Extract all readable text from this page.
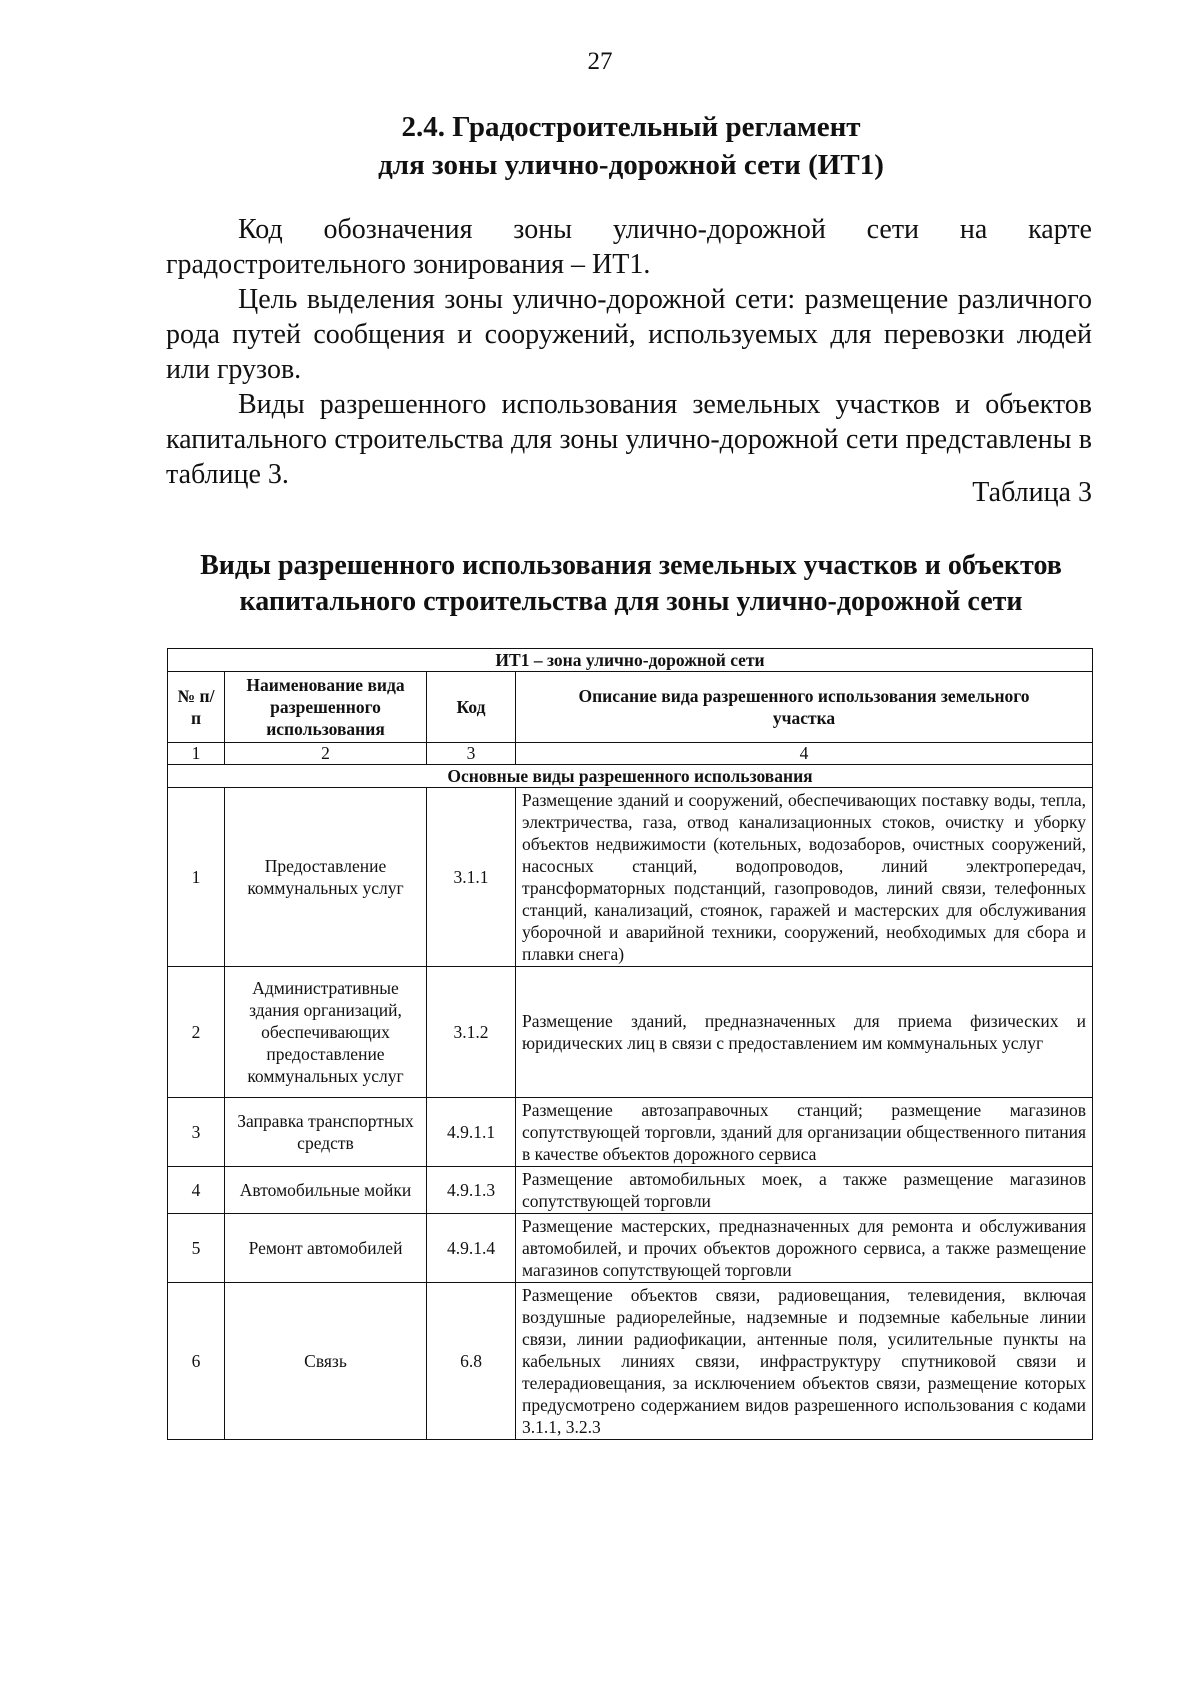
27
2.4. Градостроительный регламент
для зоны улично-дорожной сети (ИТ1)

Код обозначения зоны улично-дорожной сети на карте градостроительного зонирования – ИТ1.

Цель выделения зоны улично-дорожной сети: размещение различного рода путей сообщения и сооружений, используемых для перевозки людей или грузов.

Виды разрешенного использования земельных участков и объектов капитального строительства для зоны улично-дорожной сети представлены в таблице 3.

Таблица 3
Виды разрешенного использования земельных участков и объектов
капитального строительства для зоны улично-дорожной сети
ИТ1 – зона улично-дорожной сети			
№ п/п	Наименование вида разрешенного использования	Код	Описание вида разрешенного использования земельного участка
1	2	3	4
Основные виды разрешенного использования			
1	Предоставление коммунальных услуг	3.1.1	Размещение зданий и сооружений, обеспечивающих поставку воды, тепла, электричества, газа, отвод канализационных стоков, очистку и уборку объектов недвижимости (котельных, водозаборов, очистных сооружений, насосных станций, водопроводов, линий электропередач, трансформаторных подстанций, газопроводов, линий связи, телефонных станций, канализаций, стоянок, гаражей и мастерских для обслуживания уборочной и аварийной техники, сооружений, необходимых для сбора и плавки снега)
2	Административные здания организаций, обеспечивающих предоставление коммунальных услуг	3.1.2	Размещение зданий, предназначенных для приема физических и юридических лиц в связи с предоставлением им коммунальных услуг
3	Заправка транспортных средств	4.9.1.1	Размещение автозаправочных станций; размещение магазинов сопутствующей торговли, зданий для организации общественного питания в качестве объектов дорожного сервиса
4	Автомобильные мойки	4.9.1.3	Размещение автомобильных моек, а также размещение магазинов сопутствующей торговли
5	Ремонт автомобилей	4.9.1.4	Размещение мастерских, предназначенных для ремонта и обслуживания автомобилей, и прочих объектов дорожного сервиса, а также размещение магазинов сопутствующей торговли
6	Связь	6.8	Размещение объектов связи, радиовещания, телевидения, включая воздушные радиорелейные, надземные и подземные кабельные линии связи, линии радиофикации, антенные поля, усилительные пункты на кабельных линиях связи, инфраструктуру спутниковой связи и телерадиовещания, за исключением объектов связи, размещение которых предусмотрено содержанием видов разрешенного использования с кодами 3.1.1, 3.2.3
